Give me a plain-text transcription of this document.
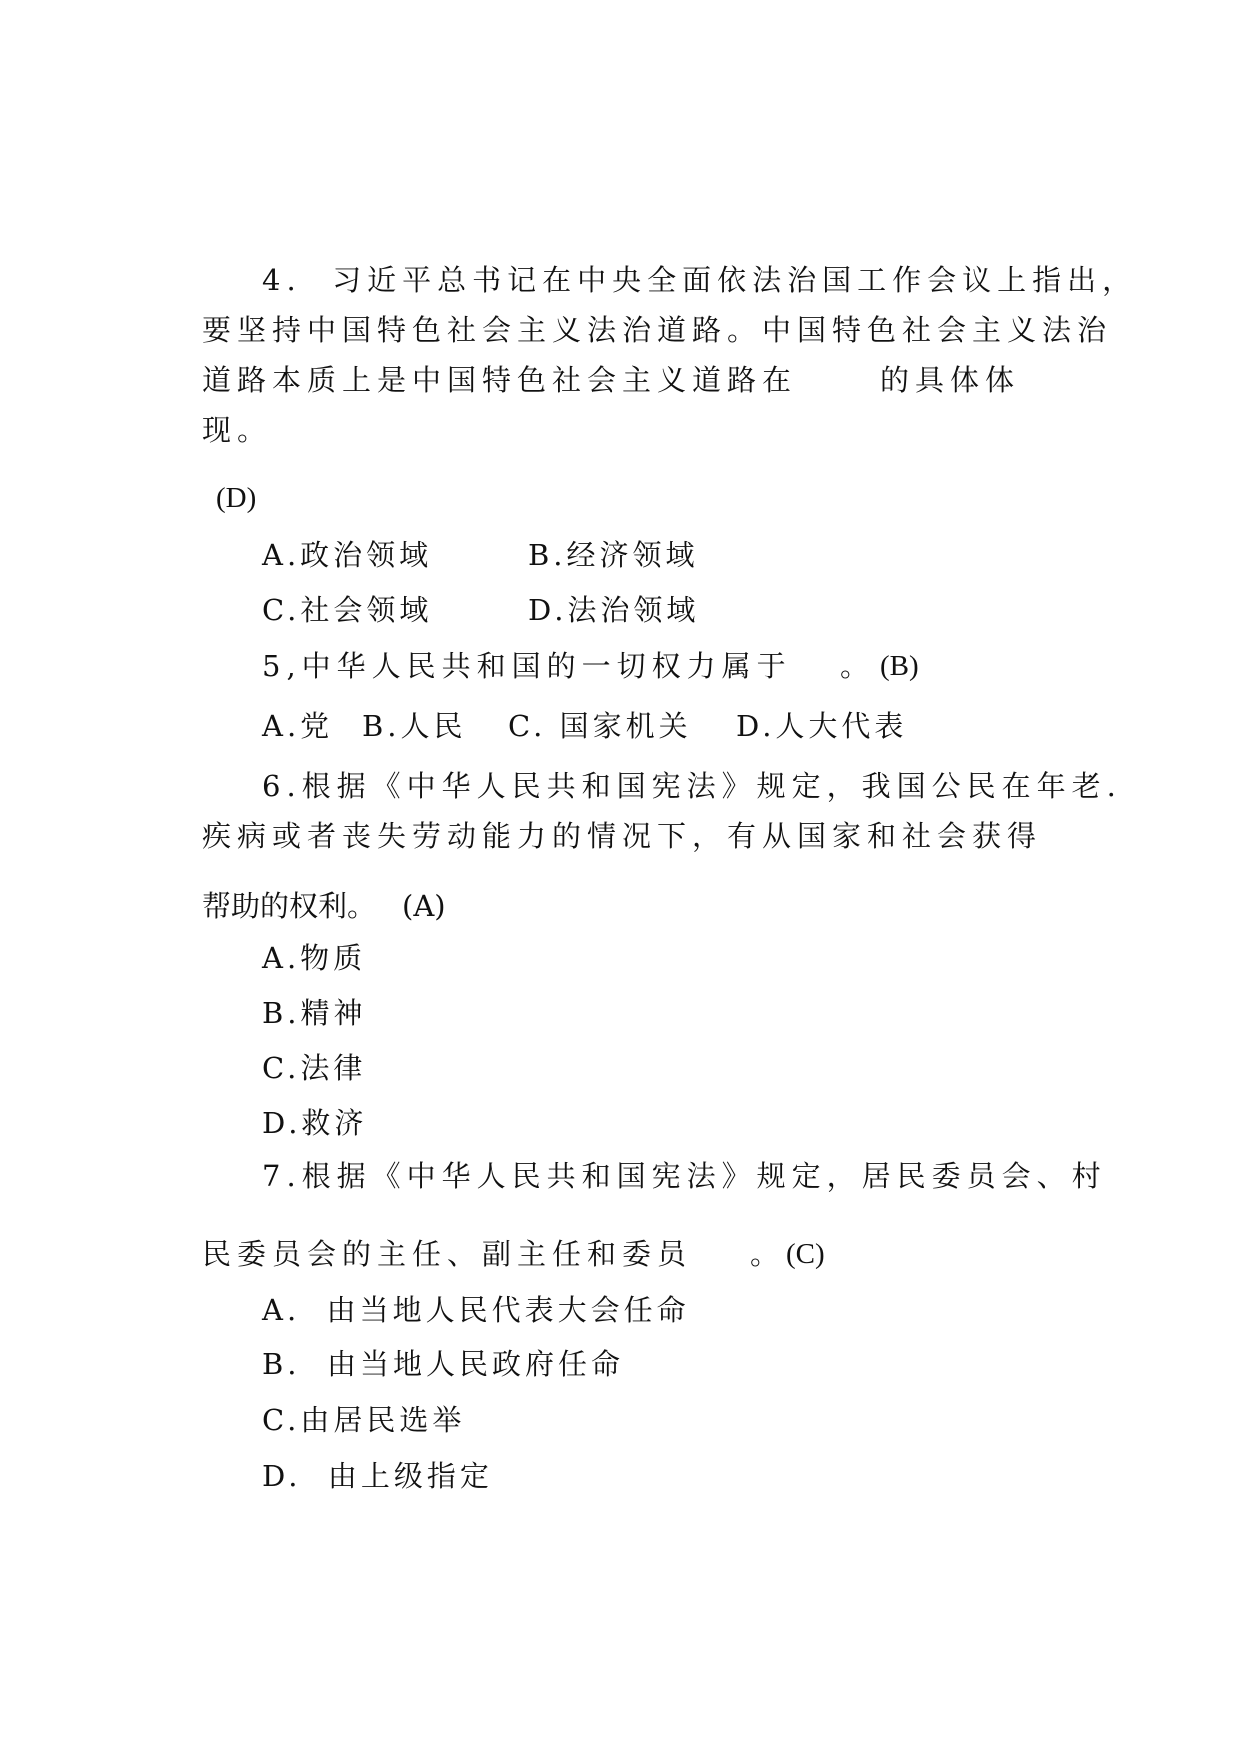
4.  习近平总书记在中央全面依法治国工作会议上指出，
要坚持中国特色社会主义法治道路。中国特色社会主义法治
道路本质上是中国特色社会主义道路在	的具体体
现。
(D)
A.政治领域	B.经济领域
C.社会领域	D.法治领域
5,中华人民共和国的一切权力属于 。 (B)
A.党 B.人民 C. 国家机关 D.人大代表
6.根据《中华人民共和国宪法》规定，我国公民在年老.
疾病或者丧失劳动能力的情况下，有从国家和社会获得
帮助的权利。 (A)
A.物质
B.精神
C.法律
D.救济
7.根据《中华人民共和国宪法》规定，居民委员会、村
民委员会的主任、副主任和委员 。 (C)
A.  由当地人民代表大会任命
B.  由当地人民政府任命
C.由居民选举
D.  由上级指定
